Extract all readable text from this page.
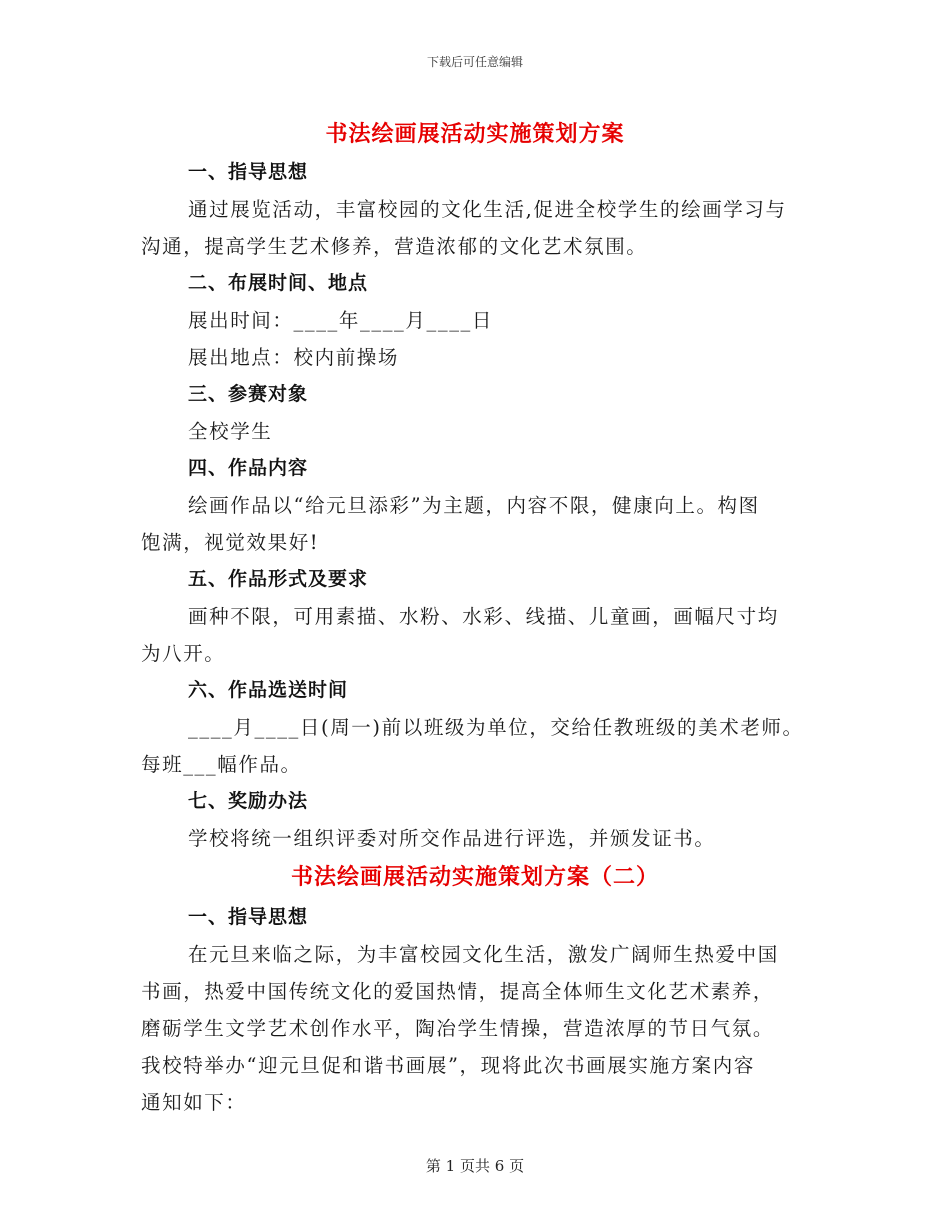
下载后可任意编辑
书法绘画展活动实施策划方案
一、指导思想
通过展览活动，丰富校园的文化生活,促进全校学生的绘画学习与
沟通，提高学生艺术修养，营造浓郁的文化艺术氛围。
二、布展时间、地点
展出时间：____年____月____日
展出地点：校内前操场
三、参赛对象
全校学生
四、作品内容
绘画作品以“给元旦添彩”为主题，内容不限，健康向上。构图
饱满，视觉效果好!
五、作品形式及要求
画种不限，可用素描、水粉、水彩、线描、儿童画，画幅尺寸均
为八开。
六、作品选送时间
____月____日(周一)前以班级为单位，交给任教班级的美术老师。
每班___幅作品。
七、奖励办法
学校将统一组织评委对所交作品进行评选，并颁发证书。
书法绘画展活动实施策划方案（二）
一、指导思想
在元旦来临之际，为丰富校园文化生活，激发广阔师生热爱中国
书画，热爱中国传统文化的爱国热情，提高全体师生文化艺术素养，
磨砺学生文学艺术创作水平，陶冶学生情操，营造浓厚的节日气氛。
我校特举办“迎元旦促和谐书画展”，现将此次书画展实施方案内容
通知如下：
第 1 页共 6 页
